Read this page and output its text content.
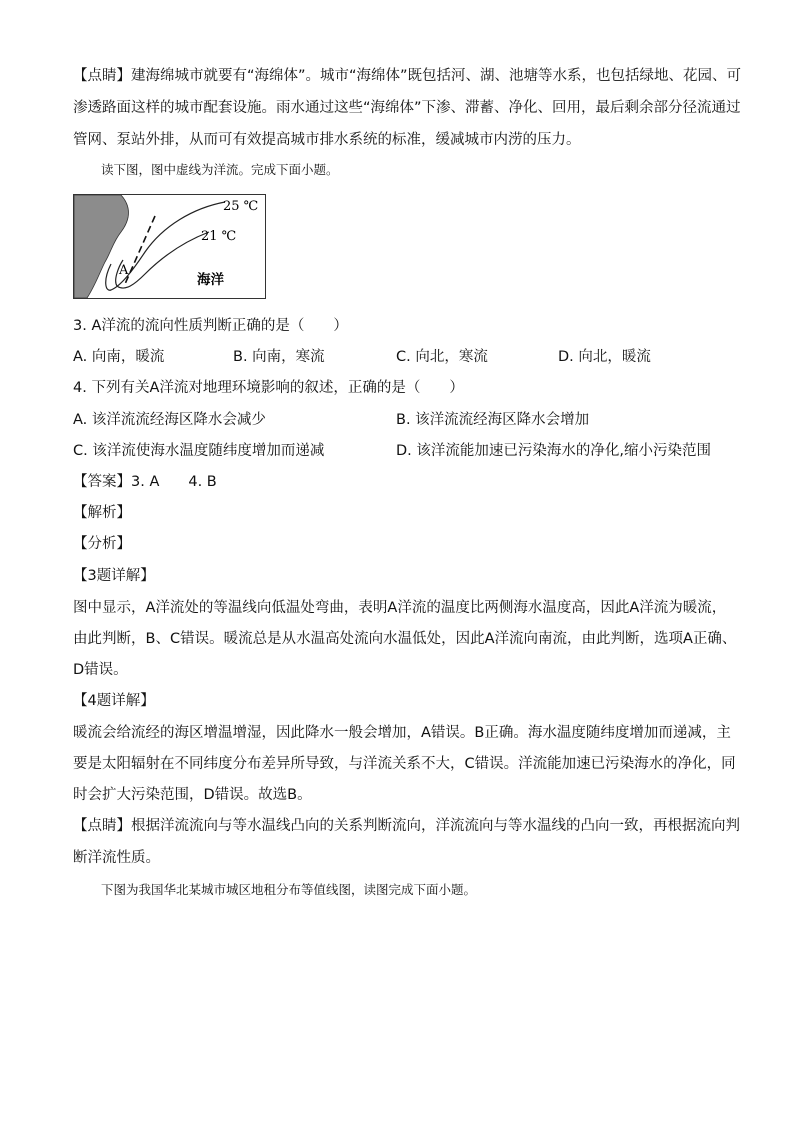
【点睛】建海绵城市就要有“海绵体”。城市“海绵体”既包括河、湖、池塘等水系，也包括绿地、花园、可
渗透路面这样的城市配套设施。雨水通过这些“海绵体”下渗、滞蓄、净化、回用，最后剩余部分径流通过
管网、泵站外排，从而可有效提高城市排水系统的标准，缓减城市内涝的压力。
读下图，图中虚线为洋流。完成下面小题。
25 ℃
21 ℃
A
海洋
3. A洋流的流向性质判断正确的是（　　）
A. 向南，暖流	B. 向南，寒流	C. 向北，寒流	D. 向北，暖流
4. 下列有关A洋流对地理环境影响的叙述，正确的是（　　）
A. 该洋流流经海区降水会减少	B. 该洋流流经海区降水会增加
C. 该洋流使海水温度随纬度增加而递减	D. 该洋流能加速已污染海水的净化,缩小污染范围
【答案】3. A　　4. B
【解析】
【分析】
【3题详解】
图中显示，A洋流处的等温线向低温处弯曲，表明A洋流的温度比两侧海水温度高，因此A洋流为暖流，
由此判断，B、C错误。暖流总是从水温高处流向水温低处，因此A洋流向南流，由此判断，选项A正确、
D错误。
【4题详解】
暖流会给流经的海区增温增湿，因此降水一般会增加，A错误。B正确。海水温度随纬度增加而递减，主
要是太阳辐射在不同纬度分布差异所导致，与洋流关系不大，C错误。洋流能加速已污染海水的净化，同
时会扩大污染范围，D错误。故选B。
【点睛】根据洋流流向与等水温线凸向的关系判断流向，洋流流向与等水温线的凸向一致，再根据流向判
断洋流性质。
下图为我国华北某城市城区地租分布等值线图，读图完成下面小题。
